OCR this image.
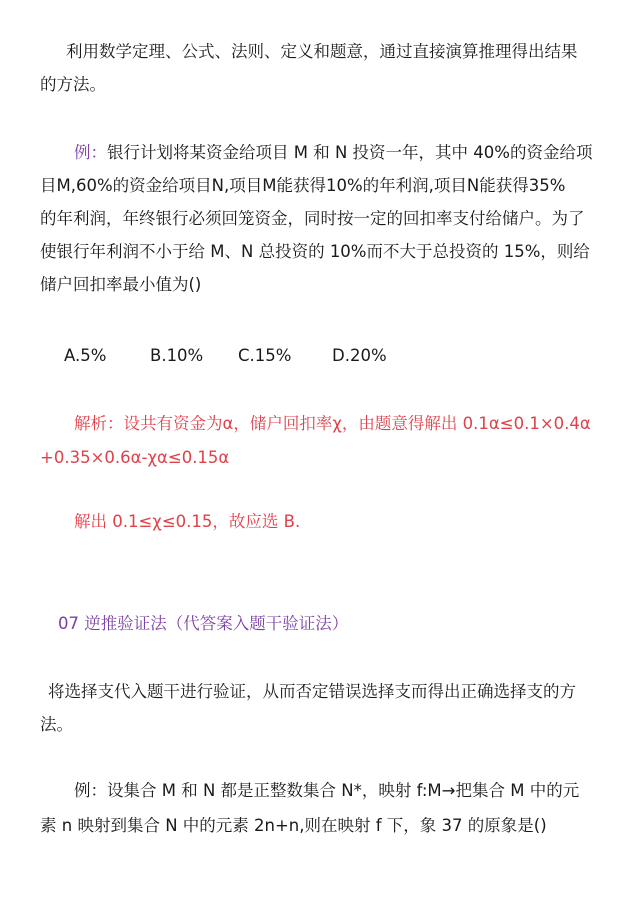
利用数学定理、公式、法则、定义和题意，通过直接演算推理得出结果
的方法。
例：银行计划将某资金给项目 M 和 N 投资一年，其中 40%的资金给项
目M,60%的资金给项目N,项目M能获得10%的年利润,项目N能获得35%
的年利润，年终银行必须回笼资金，同时按一定的回扣率支付给储户。为了
使银行年利润不小于给 M、N 总投资的 10%而不大于总投资的 15%，则给
储户回扣率最小值为()
A.5%	B.10% C.15% D.20%
解析：设共有资金为α，储户回扣率χ，由题意得解出 0.1α≤0.1×0.4α
+0.35×0.6α-χα≤0.15α
解出 0.1≤χ≤0.15，故应选 B.
07 逆推验证法（代答案入题干验证法）
将选择支代入题干进行验证，从而否定错误选择支而得出正确选择支的方
法。
例：设集合 M 和 N 都是正整数集合 N*，映射 f:M→把集合 M 中的元
素 n 映射到集合 N 中的元素 2n+n,则在映射 f 下，象 37 的原象是()
